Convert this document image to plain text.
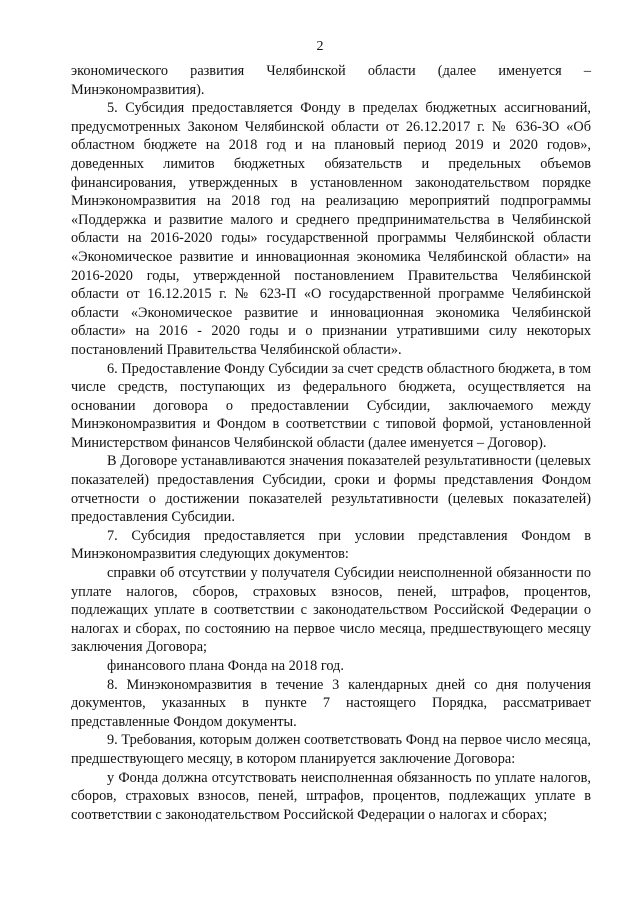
2

экономического развития Челябинской области (далее именуется – Минэкономразвития).

5. Субсидия предоставляется Фонду в пределах бюджетных ассигнований, предусмотренных Законом Челябинской области от 26.12.2017 г. № 636-ЗО «Об областном бюджете на 2018 год и на плановый период 2019 и 2020 годов», доведенных лимитов бюджетных обязательств и предельных объемов финансирования, утвержденных в установленном законодательством порядке Минэкономразвития на 2018 год на реализацию мероприятий подпрограммы «Поддержка и развитие малого и среднего предпринимательства в Челябинской области на 2016-2020 годы» государственной программы Челябинской области «Экономическое развитие и инновационная экономика Челябинской области» на 2016-2020 годы, утвержденной постановлением Правительства Челябинской области от 16.12.2015 г. № 623-П «О государственной программе Челябинской области «Экономическое развитие и инновационная экономика Челябинской области» на 2016 - 2020 годы и о признании утратившими силу некоторых постановлений Правительства Челябинской области».

6. Предоставление Фонду Субсидии за счет средств областного бюджета, в том числе средств, поступающих из федерального бюджета, осуществляется на основании договора о предоставлении Субсидии, заключаемого между Минэкономразвития и Фондом в соответствии с типовой формой, установленной Министерством финансов Челябинской области (далее именуется – Договор).

В Договоре устанавливаются значения показателей результативности (целевых показателей) предоставления Субсидии, сроки и формы представления Фондом отчетности о достижении показателей результативности (целевых показателей) предоставления Субсидии.

7. Субсидия предоставляется при условии представления Фондом в Минэкономразвития следующих документов:

справки об отсутствии у получателя Субсидии неисполненной обязанности по уплате налогов, сборов, страховых взносов, пеней, штрафов, процентов, подлежащих уплате в соответствии с законодательством Российской Федерации о налогах и сборах, по состоянию на первое число месяца, предшествующего месяцу заключения Договора;

финансового плана Фонда на 2018 год.

8. Минэкономразвития в течение 3 календарных дней со дня получения документов, указанных в пункте 7 настоящего Порядка, рассматривает представленные Фондом документы.

9. Требования, которым должен соответствовать Фонд на первое число месяца, предшествующего месяцу, в котором планируется заключение Договора:

у Фонда должна отсутствовать неисполненная обязанность по уплате налогов, сборов, страховых взносов, пеней, штрафов, процентов, подлежащих уплате в соответствии с законодательством Российской Федерации о налогах и сборах;
